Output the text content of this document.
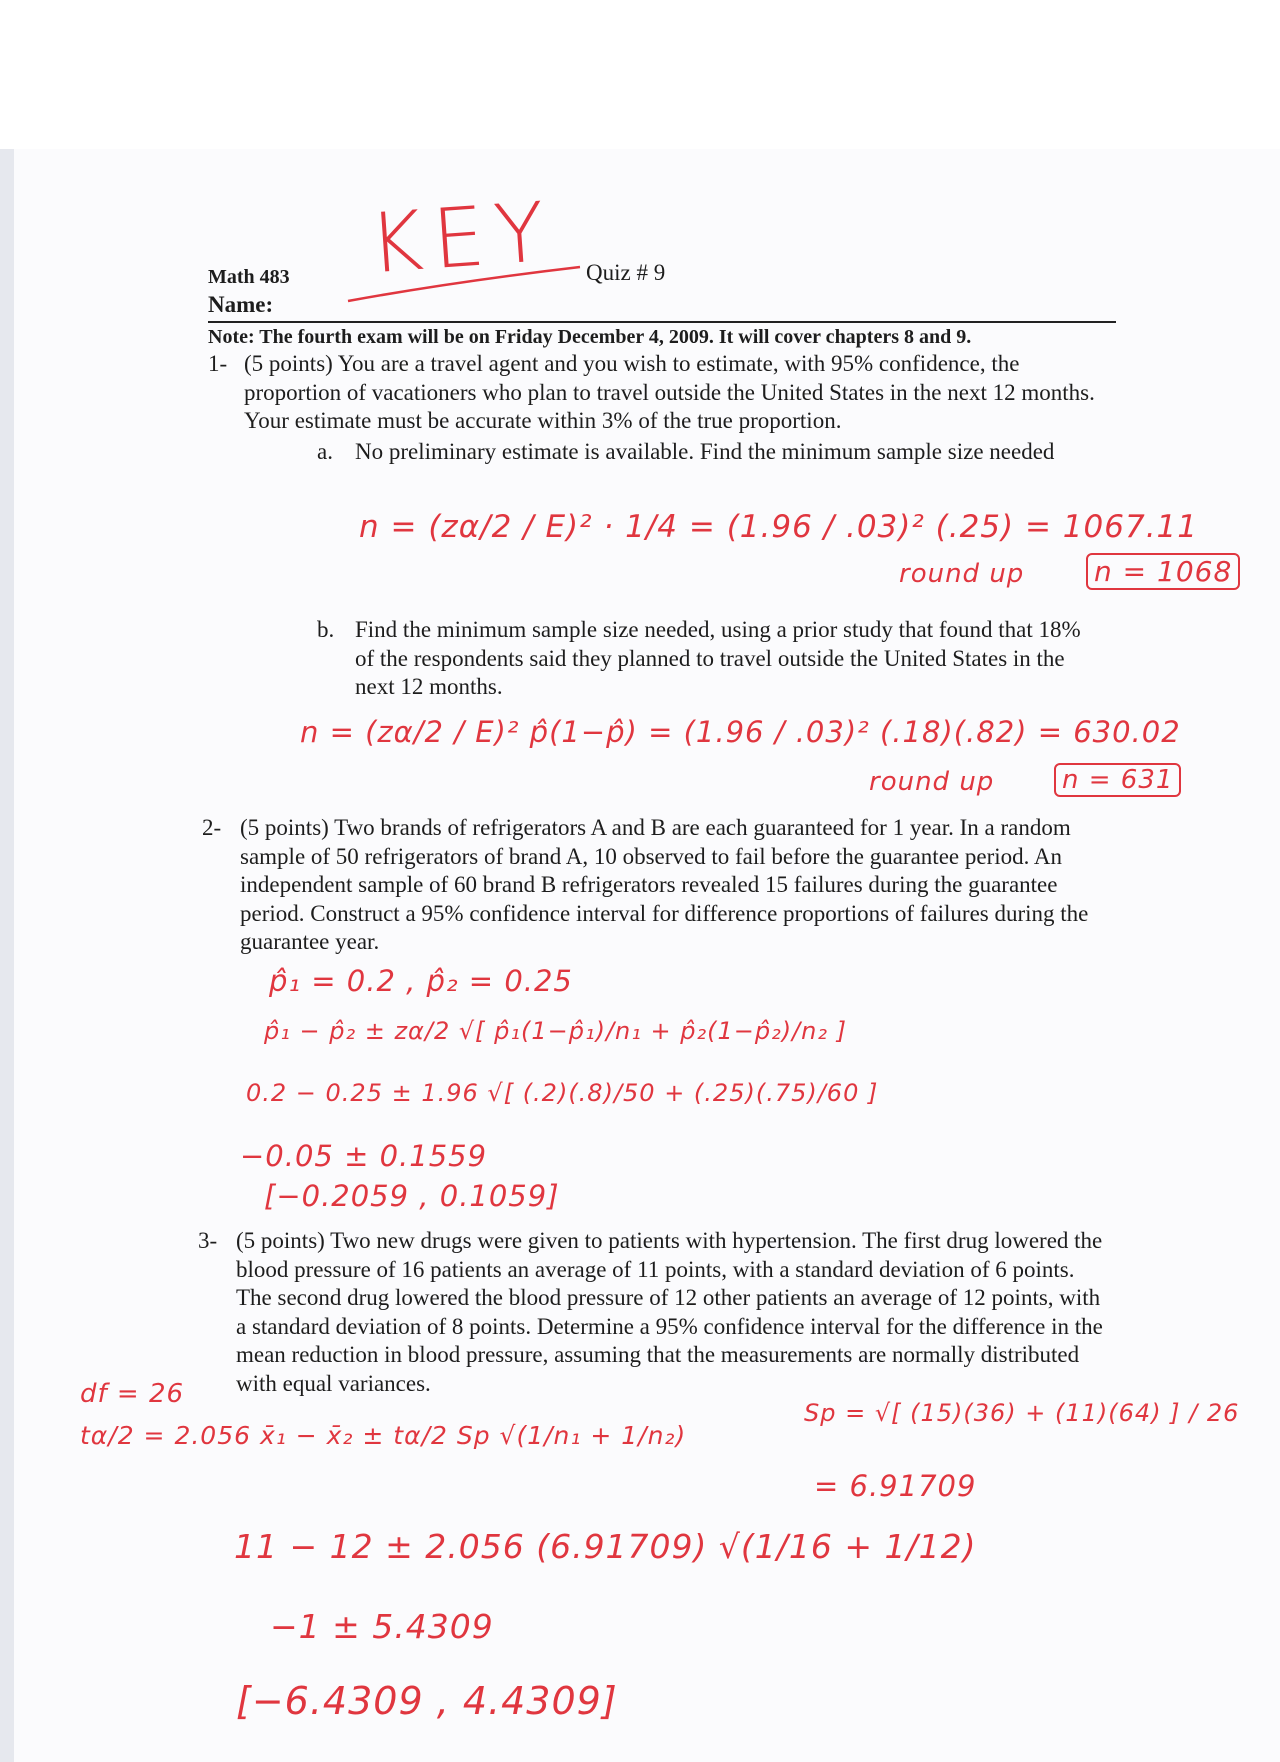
KEY
Math 483	Quiz # 9
Name:
Note: The fourth exam will be on Friday December 4, 2009. It will cover chapters 8 and 9.
1- (5 points) You are a travel agent and you wish to estimate, with 95% confidence, the proportion of vacationers who plan to travel outside the United States in the next 12 months. Your estimate must be accurate within 3% of the true proportion.
a. No preliminary estimate is available. Find the minimum sample size needed
n = (zα/2 / E)² · 1/4 = (1.96 / .03)² (.25) = 1067.11
round up n = 1068
b. Find the minimum sample size needed, using a prior study that found that 18% of the respondents said they planned to travel outside the United States in the next 12 months.
n = (zα/2 / E)² p̂(1−p̂) = (1.96 / .03)² (.18)(.82) = 630.02
round up	n = 631
2- (5 points) Two brands of refrigerators A and B are each guaranteed for 1 year. In a random sample of 50 refrigerators of brand A, 10 observed to fail before the guarantee period. An independent sample of 60 brand B refrigerators revealed 15 failures during the guarantee period. Construct a 95% confidence interval for difference proportions of failures during the guarantee year.
p̂₁ = 0.2 , p̂₂ = 0.25
p̂₁ − p̂₂ ± zα/2 √[ p̂₁(1−p̂₁)/n₁ + p̂₂(1−p̂₂)/n₂ ]
0.2 − 0.25 ± 1.96 √[ (.2)(.8)/50 + (.25)(.75)/60 ]
−0.05 ± 0.1559
[−0.2059 , 0.1059]
3- (5 points) Two new drugs were given to patients with hypertension. The first drug lowered the blood pressure of 16 patients an average of 11 points, with a standard deviation of 6 points. The second drug lowered the blood pressure of 12 other patients an average of 12 points, with a standard deviation of 8 points. Determine a 95% confidence interval for the difference in the mean reduction in blood pressure, assuming that the measurements are normally distributed with equal variances.
df = 26
tα/2 = 2.056 x̄₁ − x̄₂ ± tα/2 Sp √(1/n₁ + 1/n₂)
Sp = √[ (15)(36) + (11)(64) ] / 26
= 6.91709
11 − 12 ± 2.056 (6.91709) √(1/16 + 1/12)
−1 ± 5.4309
[−6.4309 , 4.4309]
